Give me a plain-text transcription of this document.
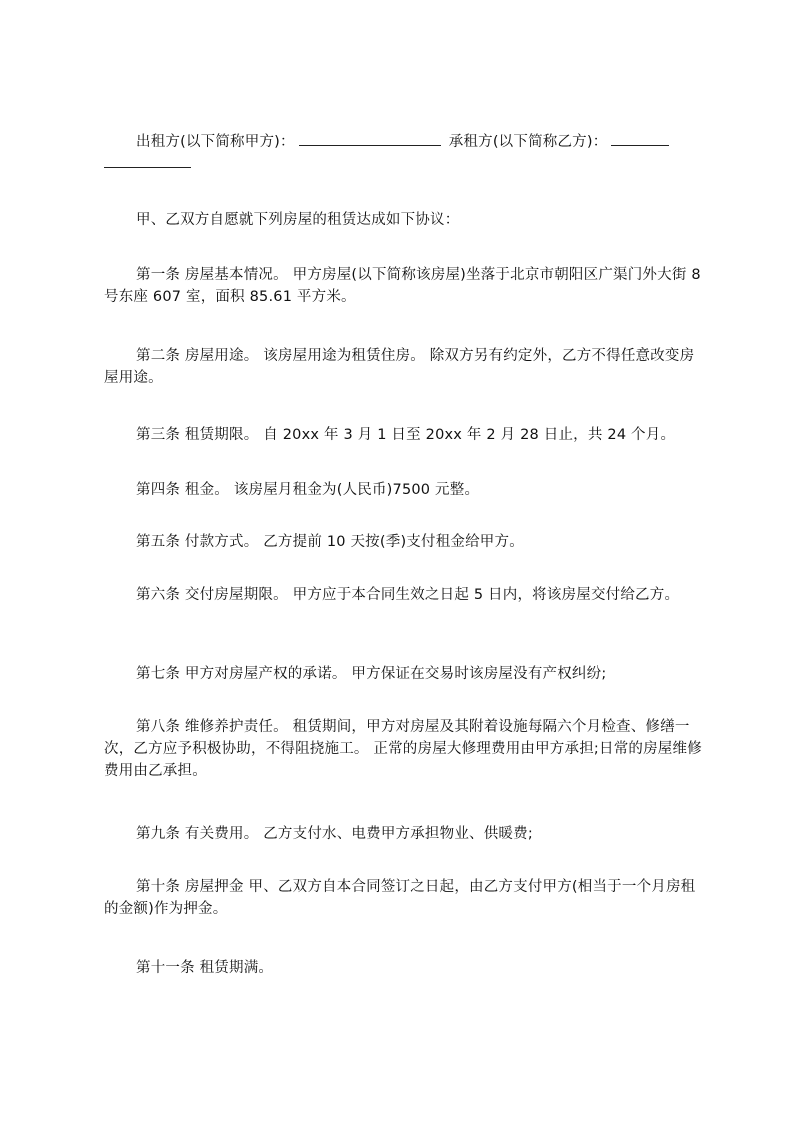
出租方(以下简称甲方)：	承租方(以下简称乙方)：

甲、乙双方自愿就下列房屋的租赁达成如下协议：

第一条 房屋基本情况。 甲方房屋(以下简称该房屋)坐落于北京市朝阳区广渠门外大街 8 号东座 607 室，面积 85.61 平方米。

第二条 房屋用途。 该房屋用途为租赁住房。 除双方另有约定外，乙方不得任意改变房屋用途。

第三条 租赁期限。 自 20xx 年 3 月 1 日至 20xx 年 2 月 28 日止，共 24 个月。

第四条 租金。 该房屋月租金为(人民币)7500 元整。

第五条 付款方式。 乙方提前 10 天按(季)支付租金给甲方。

第六条 交付房屋期限。 甲方应于本合同生效之日起 5 日内，将该房屋交付给乙方。

第七条 甲方对房屋产权的承诺。 甲方保证在交易时该房屋没有产权纠纷;

第八条 维修养护责任。 租赁期间，甲方对房屋及其附着设施每隔六个月检查、修缮一次，乙方应予积极协助，不得阻挠施工。 正常的房屋大修理费用由甲方承担;日常的房屋维修费用由乙承担。

第九条 有关费用。 乙方支付水、电费甲方承担物业、供暖费;

第十条 房屋押金 甲、乙双方自本合同签订之日起，由乙方支付甲方(相当于一个月房租的金额)作为押金。

第十一条 租赁期满。
